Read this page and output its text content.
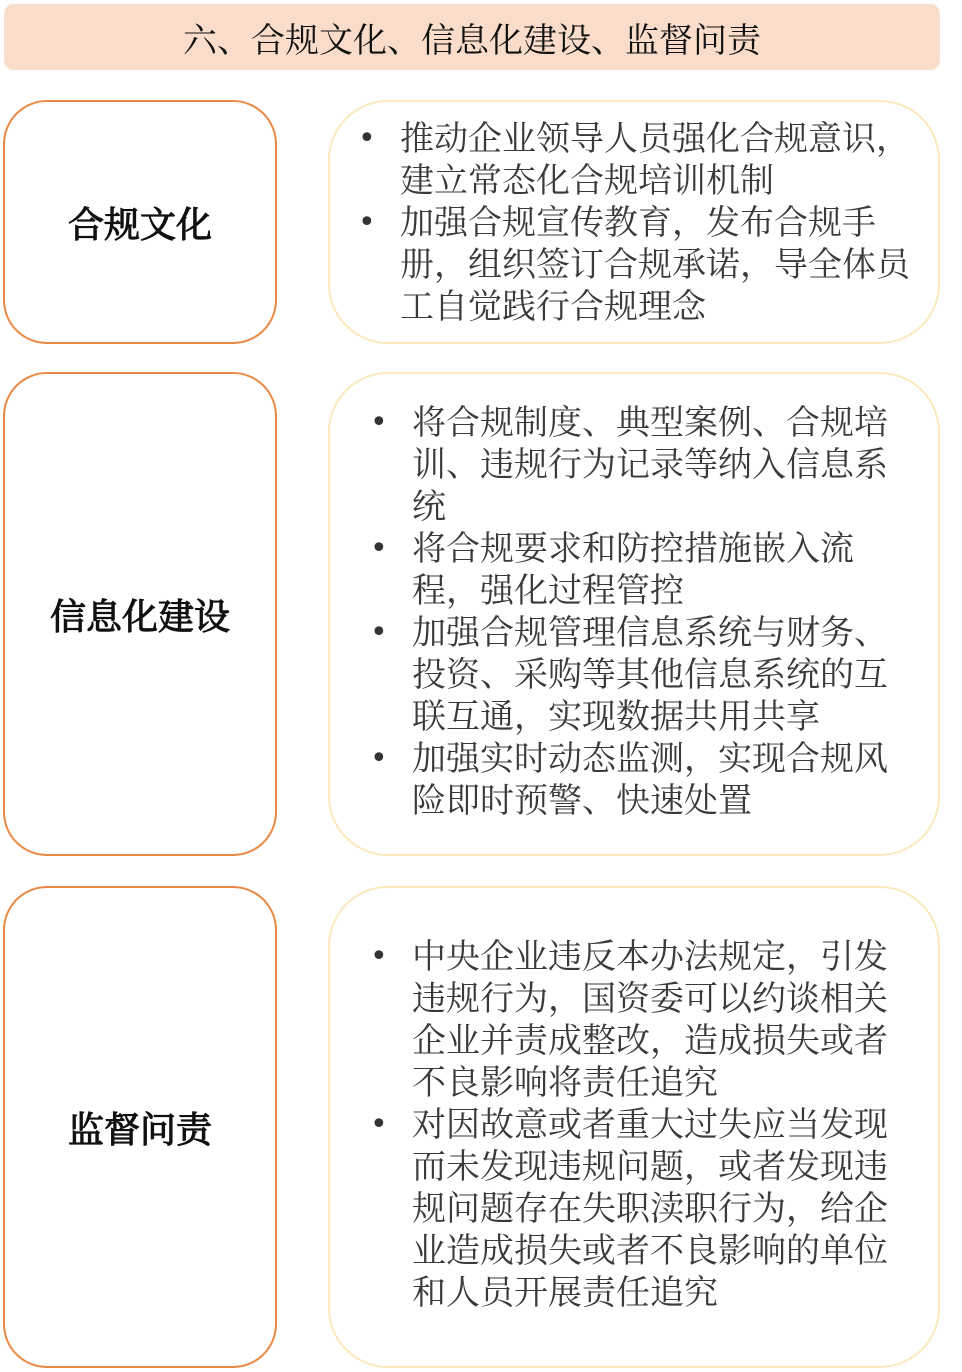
六、合规文化、信息化建设、监督问责
合规文化
• 推动企业领导人员强化合规意识，建立常态化合规培训机制
• 加强合规宣传教育，发布合规手册，组织签订合规承诺，导全体员工自觉践行合规理念
信息化建设
• 将合规制度、典型案例、合规培训、违规行为记录等纳入信息系统
• 将合规要求和防控措施嵌入流程，强化过程管控
• 加强合规管理信息系统与财务、投资、采购等其他信息系统的互联互通，实现数据共用共享
• 加强实时动态监测，实现合规风险即时预警、快速处置
监督问责
• 中央企业违反本办法规定，引发违规行为，国资委可以约谈相关企业并责成整改，造成损失或者不良影响将责任追究
• 对因故意或者重大过失应当发现而未发现违规问题，或者发现违规问题存在失职渎职行为，给企业造成损失或者不良影响的单位和人员开展责任追究
